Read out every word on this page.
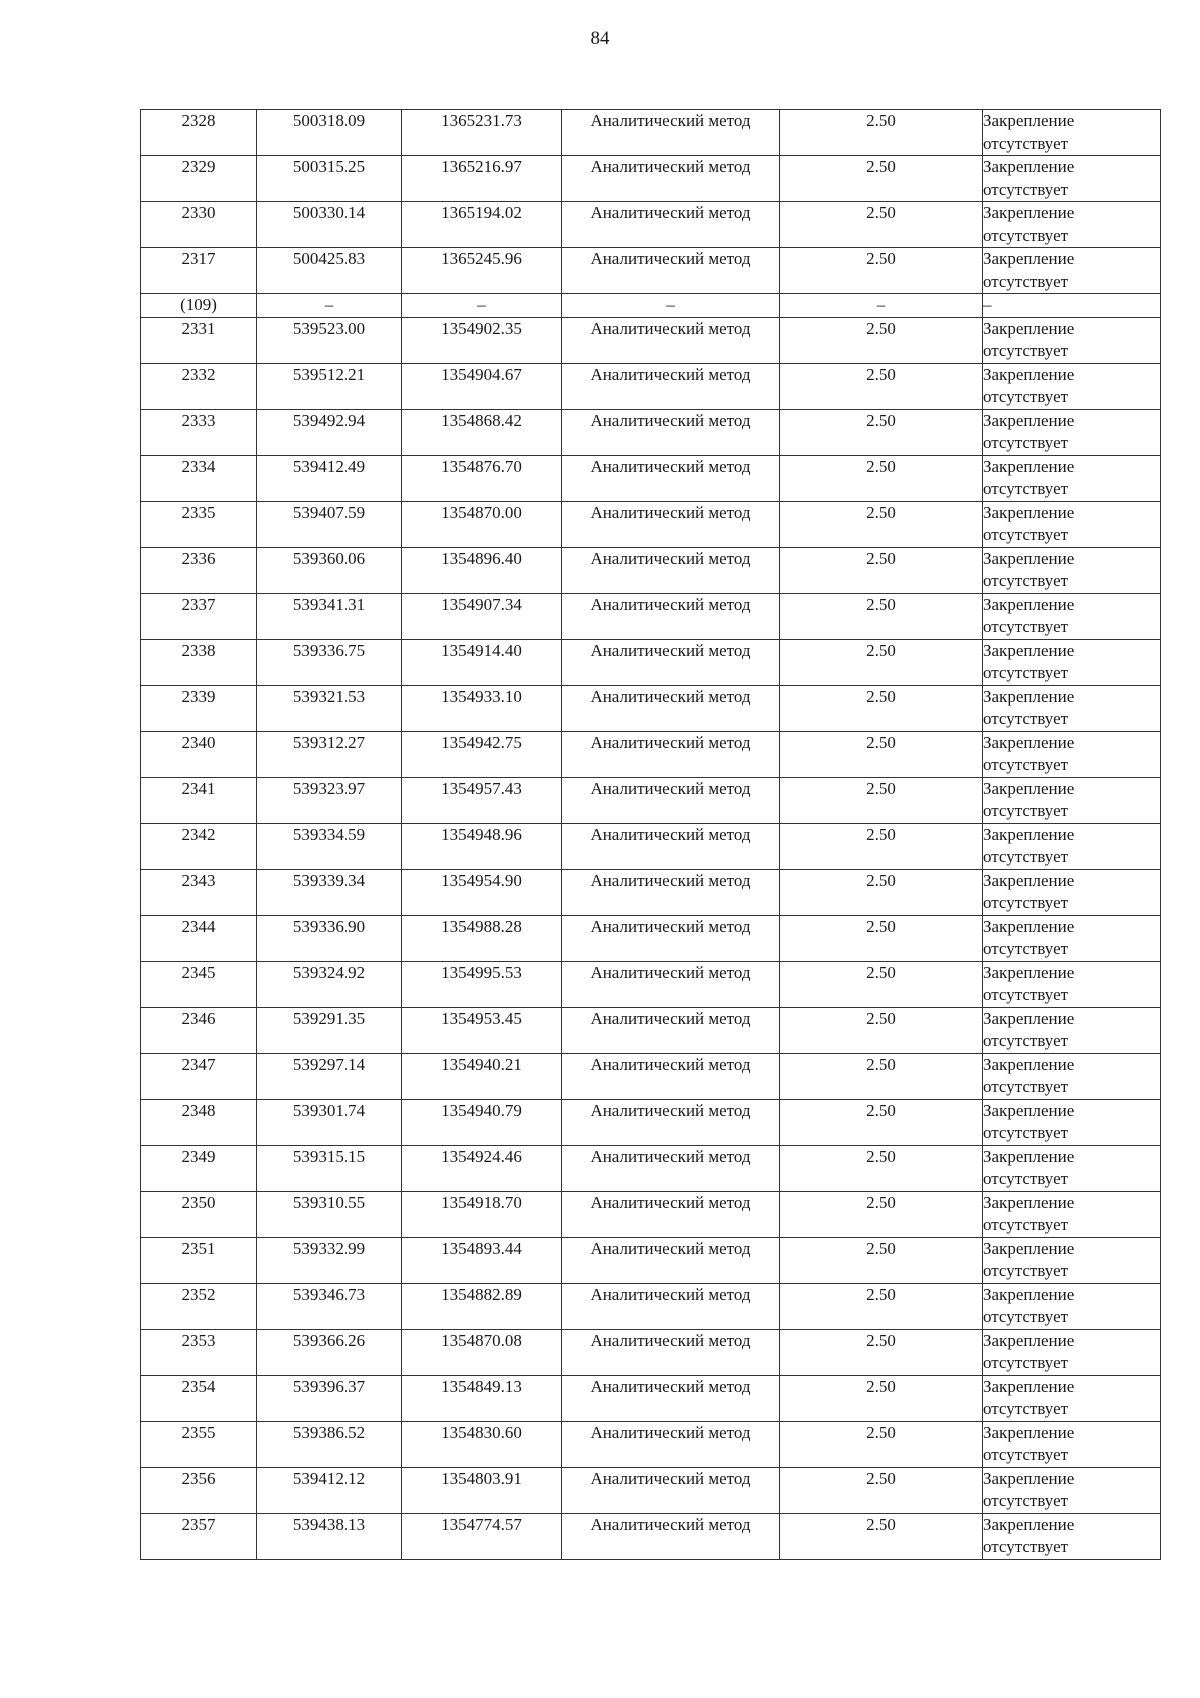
84
2328	500318.09	1365231.73	Аналитический метод	2.50	Закрепление
отсутствует

2329	500315.25	1365216.97	Аналитический метод	2.50	Закрепление
отсутствует

2330	500330.14	1365194.02	Аналитический метод	2.50	Закрепление
отсутствует

2317	500425.83	1365245.96	Аналитический метод	2.50	Закрепление
отсутствует

(109)	–	–	–	–	–

2331	539523.00	1354902.35	Аналитический метод	2.50	Закрепление
отсутствует

2332	539512.21	1354904.67	Аналитический метод	2.50	Закрепление
отсутствует

2333	539492.94	1354868.42	Аналитический метод	2.50	Закрепление
отсутствует

2334	539412.49	1354876.70	Аналитический метод	2.50	Закрепление
отсутствует

2335	539407.59	1354870.00	Аналитический метод	2.50	Закрепление
отсутствует

2336	539360.06	1354896.40	Аналитический метод	2.50	Закрепление
отсутствует

2337	539341.31	1354907.34	Аналитический метод	2.50	Закрепление
отсутствует

2338	539336.75	1354914.40	Аналитический метод	2.50	Закрепление
отсутствует

2339	539321.53	1354933.10	Аналитический метод	2.50	Закрепление
отсутствует

2340	539312.27	1354942.75	Аналитический метод	2.50	Закрепление
отсутствует

2341	539323.97	1354957.43	Аналитический метод	2.50	Закрепление
отсутствует

2342	539334.59	1354948.96	Аналитический метод	2.50	Закрепление
отсутствует

2343	539339.34	1354954.90	Аналитический метод	2.50	Закрепление
отсутствует

2344	539336.90	1354988.28	Аналитический метод	2.50	Закрепление
отсутствует

2345	539324.92	1354995.53	Аналитический метод	2.50	Закрепление
отсутствует

2346	539291.35	1354953.45	Аналитический метод	2.50	Закрепление
отсутствует

2347	539297.14	1354940.21	Аналитический метод	2.50	Закрепление
отсутствует

2348	539301.74	1354940.79	Аналитический метод	2.50	Закрепление
отсутствует

2349	539315.15	1354924.46	Аналитический метод	2.50	Закрепление
отсутствует

2350	539310.55	1354918.70	Аналитический метод	2.50	Закрепление
отсутствует

2351	539332.99	1354893.44	Аналитический метод	2.50	Закрепление
отсутствует

2352	539346.73	1354882.89	Аналитический метод	2.50	Закрепление
отсутствует

2353	539366.26	1354870.08	Аналитический метод	2.50	Закрепление
отсутствует

2354	539396.37	1354849.13	Аналитический метод	2.50	Закрепление
отсутствует

2355	539386.52	1354830.60	Аналитический метод	2.50	Закрепление
отсутствует

2356	539412.12	1354803.91	Аналитический метод	2.50	Закрепление
отсутствует

2357	539438.13	1354774.57	Аналитический метод	2.50	Закрепление
отсутствует
